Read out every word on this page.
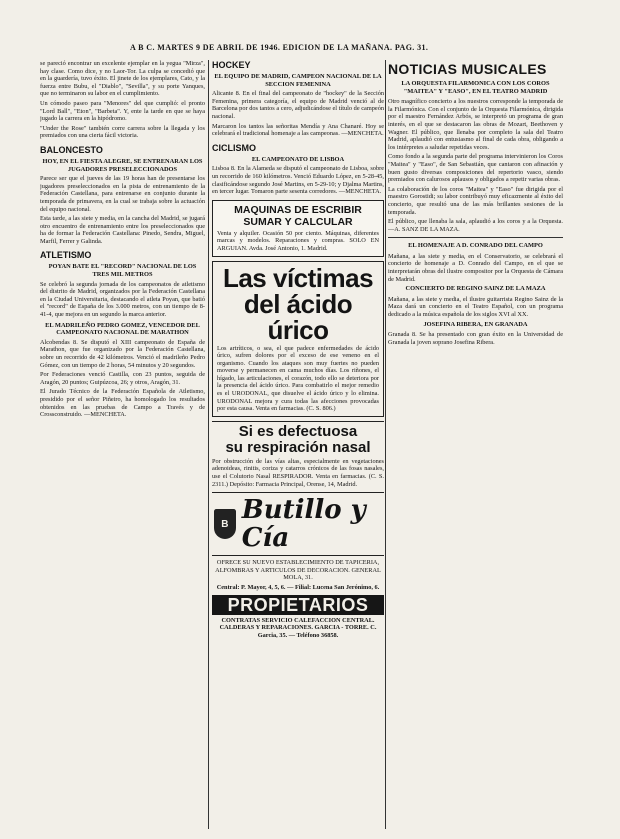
A B C. MARTES 9 DE ABRIL DE 1946. EDICION DE LA MAÑANA. PAG. 31.

se pareció encontrar un excelente ejemplar en la yegua "Mirza", hay clase. Como dice, y no Laor-Tor. La culpa se concedió que en la guardería, tuvo éxito. El jinete de los ejemplares, Cato, y la fuerza entre Bubu, el "Diablo", "Sevilla", y su porte Yanques, que no terminaron su labor en el cumplimiento.

Un cómodo paseo para "Menores" del que cumplió: el pronto "Lord Ball", "Eton", "Barbeta". Y, ente la tarde en que se haya jugado la carrera en la hipódromo.

"Under the Rose" también corre carrera sobre la llegada y los premiados con una cierta fácil victoria.

BALONCESTO
HOY, EN EL FIESTA ALEGRE, SE ENTRENARAN LOS JUGADORES PRESELECCIONADOS

Parece ser que el jueves de las 19 horas han de presentarse los jugadores preseleccionados en la pista de entrenamiento de la Federación Castellana, para entrenarse en conjunto durante la temporada de primavera, en la cual se trabaja sobre la actuación del equipo nacional.

Esta tarde, a las siete y media, en la cancha del Madrid, se jugará otro encuentro de entrenamiento entre los preseleccionados que ha de formar la Federación Castellana: Pinedo, Sendra, Miguel, Marfil, Ferrer y Galinda.

ATLETISMO
POYAN BATE EL "RECORD" NACIONAL DE LOS TRES MIL METROS

Se celebró la segunda jornada de los campeonatos de atletismo del distrito de Madrid, organizados por la Federación Castellana en la Ciudad Universitaria, destacando el atleta Poyan, que batió el "record" de España de los 3.000 metros, con un tiempo de 8-41-4, que mejora en un segundo la marca anterior.

EL MADRILEÑO PEDRO GOMEZ, VENCEDOR DEL CAMPEONATO NACIONAL DE MARATHON

Alcobendas 8. Se disputó el XIII campeonato de España de Marathon, que fue organizado por la Federación Castellana, sobre un recorrido de 42 kilómetros. Venció el madrileño Pedro Gómez, con un tiempo de 2 horas, 54 minutos y 20 segundos.

Por Federaciones venció Castilla, con 23 puntos, seguida de Aragón, 20 puntos; Guipúzcoa, 26; y otros, Aragón, 31.

El Jurado Técnico de la Federación Española de Atletismo, presidido por el señor Piñeiro, ha homologado los resultados obtenidos en las pruebas de Campo a Través y de Crossconstruido. —MENCHETA.

HOCKEY
EL EQUIPO DE MADRID, CAMPEON NACIONAL DE LA SECCION FEMENINA

Alicante 8. En el final del campeonato de "hockey" de la Sección Femenina, primera categoría, el equipo de Madrid venció al de Barcelona por dos tantos a cero, adjudicándose el título de campeón nacional.

Marcaron los tantos las señoritas Mendía y Ana Chanaré. Hoy se celebrará el tradicional homenaje a las campeonas. —MENCHETA.

CICLISMO
EL CAMPEONATO DE LISBOA

Lisboa 8. En la Alameda se disputó el campeonato de Lisboa, sobre un recorrido de 160 kilómetros. Venció Eduardo López, en 5-28-45, clasificándose segundo José Martins, en 5-29-10; y Djalma Martins, en tercer lugar. Tomaron parte sesenta corredores. —MENCHETA.

MAQUINAS DE ESCRIBIR
SUMAR Y CALCULAR

Venta y alquiler. Ocasión 50 por ciento. Máquinas, diferentes marcas y modelos. Reparaciones y compras. SOLO EN ARGUIAN. Avda. José Antonio, 1. Madrid.

Las víctimas del ácido úrico

Los artríticos, o sea, el que padece enfermedades de ácido úrico, sufren dolores por el exceso de ese veneno en el organismo. Cuando los ataques son muy fuertes no pueden moverse y permanecen en cama muchos días. Los riñones, el hígado, las articulaciones, el corazón, todo ello se deteriora por la presencia del ácido úrico. Para combatirlo el mejor remedio es el URODONAL, que disuelve el ácido úrico y lo elimina. URODONAL mejora y cura todas las afecciones provocadas por esta causa. Venta en farmacias. (C. S. 806.)

Si es defectuosa
su respiración nasal

Por obstrucción de las vías altas, especialmente en vegetaciones adenoideas, rinitis, coriza y catarros crónicos de las fosas nasales, use el Colutorio Nasal RESPIRADOR. Venta en farmacias. (C. S. 2311.) Depósito: Farmacia Principal, Orense, 14, Madrid.

B Butillo y Cía

OFRECE SU NUEVO ESTABLECIMIENTO DE TAPICERIA, ALFOMBRAS Y ARTICULOS DE DECORACION. GENERAL MOLA, 31.

Central: P. Mayor, 4, 5, 6. — Filial: Lucena San Jerónimo, 6.

PROPIETARIOS

CONTRATAS SERVICIO CALEFACCION CENTRAL. CALDERAS Y REPARACIONES. GARCIA - TORRE. C. Garcia, 35. — Teléfono 36858.

NOTICIAS MUSICALES
LA ORQUESTA FILARMONICA CON LOS COROS "MAITEA" Y "EASO", EN EL TEATRO MADRID

Otro magnífico concierto a los nuestros corresponde la temporada de la Filarmónica. Con el conjunto de la Orquesta Filarmónica, dirigida por el maestro Fernández Arbós, se interpretó un programa de gran interés, en el que se destacaron las obras de Mozart, Beethoven y Wagner. El público, que llenaba por completo la sala del Teatro Madrid, aplaudió con entusiasmo al final de cada obra, obligando a los intérpretes a saludar repetidas veces.

Como fondo a la segunda parte del programa intervinieron los Coros "Maitea" y "Easo", de San Sebastián, que cantaron con afinación y buen gusto diversas composiciones del repertorio vasco, siendo premiados con calurosos aplausos y obligados a repetir varias obras.

La colaboración de los coros "Maitea" y "Easo" fue dirigida por el maestro Gorostidi; su labor contribuyó muy eficazmente al éxito del concierto, que resultó una de las más brillantes sesiones de la temporada.

El público, que llenaba la sala, aplaudió a los coros y a la Orquesta. —A. SANZ DE LA MAZA.

EL HOMENAJE A D. CONRADO DEL CAMPO

Mañana, a las siete y media, en el Conservatorio, se celebrará el concierto de homenaje a D. Conrado del Campo, en el que se interpretarán obras del ilustre compositor por la Orquesta de Cámara de Madrid.

CONCIERTO DE REGINO SAINZ DE LA MAZA

Mañana, a las siete y media, el ilustre guitarrista Regino Sainz de la Maza dará un concierto en el Teatro Español, con un programa dedicado a la música española de los siglos XVI al XX.

JOSEFINA RIBERA, EN GRANADA

Granada 8. Se ha presentado con gran éxito en la Universidad de Granada la joven soprano Josefina Ribera.
